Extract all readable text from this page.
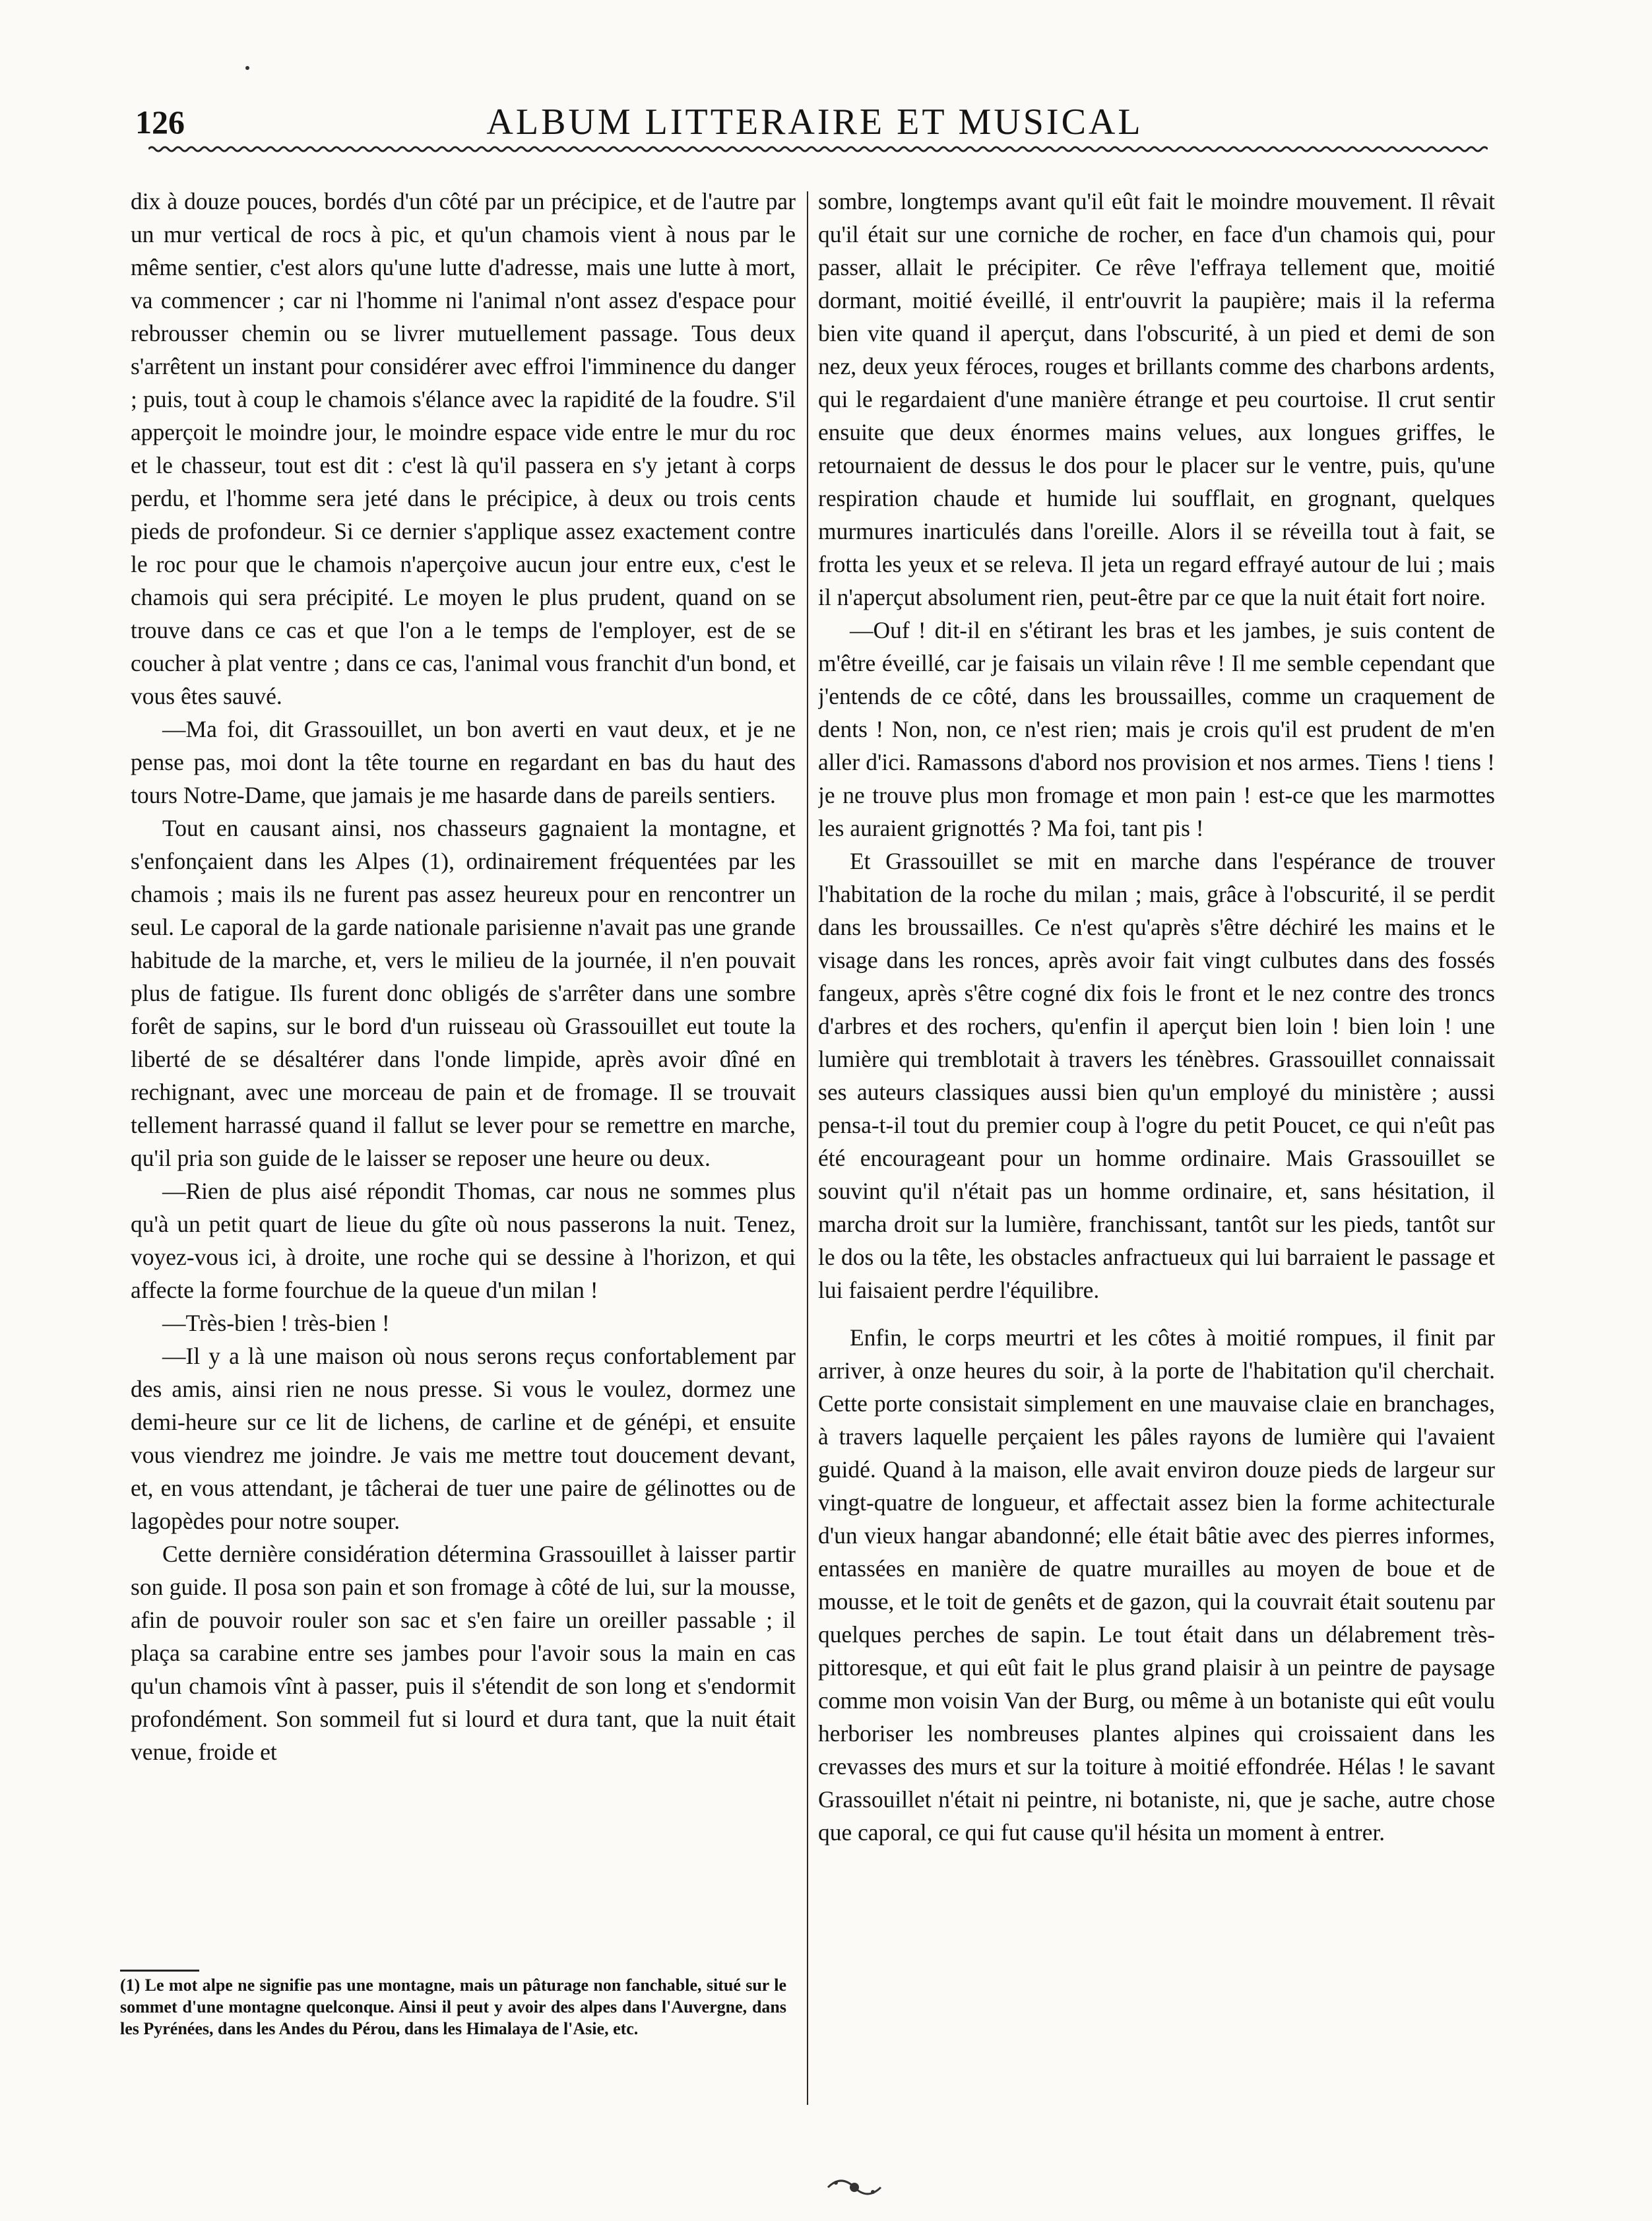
126	ALBUM LITTERAIRE ET MUSICAL

dix à douze pouces, bordés d'un côté par un précipice, et de l'autre par un mur vertical de rocs à pic, et qu'un chamois vient à nous par le même sentier, c'est alors qu'une lutte d'adresse, mais une lutte à mort, va commencer ; car ni l'homme ni l'animal n'ont assez d'espace pour rebrousser chemin ou se livrer mutuellement passage. Tous deux s'arrêtent un instant pour considérer avec effroi l'imminence du danger ; puis, tout à coup le chamois s'élance avec la rapidité de la foudre. S'il apperçoit le moindre jour, le moindre espace vide entre le mur du roc et le chasseur, tout est dit : c'est là qu'il passera en s'y jetant à corps perdu, et l'homme sera jeté dans le précipice, à deux ou trois cents pieds de profondeur. Si ce dernier s'applique assez exactement contre le roc pour que le chamois n'aperçoive aucun jour entre eux, c'est le chamois qui sera précipité. Le moyen le plus prudent, quand on se trouve dans ce cas et que l'on a le temps de l'employer, est de se coucher à plat ventre ; dans ce cas, l'animal vous franchit d'un bond, et vous êtes sauvé.

—Ma foi, dit Grassouillet, un bon averti en vaut deux, et je ne pense pas, moi dont la tête tourne en regardant en bas du haut des tours Notre-Dame, que jamais je me hasarde dans de pareils sentiers.

Tout en causant ainsi, nos chasseurs gagnaient la montagne, et s'enfonçaient dans les Alpes (1), ordinairement fréquentées par les chamois ; mais ils ne furent pas assez heureux pour en rencontrer un seul. Le caporal de la garde nationale parisienne n'avait pas une grande habitude de la marche, et, vers le milieu de la journée, il n'en pouvait plus de fatigue. Ils furent donc obligés de s'arrêter dans une sombre forêt de sapins, sur le bord d'un ruisseau où Grassouillet eut toute la liberté de se désaltérer dans l'onde limpide, après avoir dîné en rechignant, avec une morceau de pain et de fromage. Il se trouvait tellement harrassé quand il fallut se lever pour se remettre en marche, qu'il pria son guide de le laisser se reposer une heure ou deux.

—Rien de plus aisé répondit Thomas, car nous ne sommes plus qu'à un petit quart de lieue du gîte où nous passerons la nuit. Tenez, voyez-vous ici, à droite, une roche qui se dessine à l'horizon, et qui affecte la forme fourchue de la queue d'un milan !

—Très-bien ! très-bien !

—Il y a là une maison où nous serons reçus confortablement par des amis, ainsi rien ne nous presse. Si vous le voulez, dormez une demi-heure sur ce lit de lichens, de carline et de génépi, et ensuite vous viendrez me joindre. Je vais me mettre tout doucement devant, et, en vous attendant, je tâcherai de tuer une paire de gélinottes ou de lagopèdes pour notre souper.

Cette dernière considération détermina Grassouillet à laisser partir son guide. Il posa son pain et son fromage à côté de lui, sur la mousse, afin de pouvoir rouler son sac et s'en faire un oreiller passable ; il plaça sa carabine entre ses jambes pour l'avoir sous la main en cas qu'un chamois vînt à passer, puis il s'étendit de son long et s'endormit profondément. Son sommeil fut si lourd et dura tant, que la nuit était venue, froide et

sombre, longtemps avant qu'il eût fait le moindre mouvement. Il rêvait qu'il était sur une corniche de rocher, en face d'un chamois qui, pour passer, allait le précipiter. Ce rêve l'effraya tellement que, moitié dormant, moitié éveillé, il entr'ouvrit la paupière; mais il la referma bien vite quand il aperçut, dans l'obscurité, à un pied et demi de son nez, deux yeux féroces, rouges et brillants comme des charbons ardents, qui le regardaient d'une manière étrange et peu courtoise. Il crut sentir ensuite que deux énormes mains velues, aux longues griffes, le retournaient de dessus le dos pour le placer sur le ventre, puis, qu'une respiration chaude et humide lui soufflait, en grognant, quelques murmures inarticulés dans l'oreille. Alors il se réveilla tout à fait, se frotta les yeux et se releva. Il jeta un regard effrayé autour de lui ; mais il n'aperçut absolument rien, peut-être par ce que la nuit était fort noire.

—Ouf ! dit-il en s'étirant les bras et les jambes, je suis content de m'être éveillé, car je faisais un vilain rêve ! Il me semble cependant que j'entends de ce côté, dans les broussailles, comme un craquement de dents ! Non, non, ce n'est rien; mais je crois qu'il est prudent de m'en aller d'ici. Ramassons d'abord nos provision et nos armes. Tiens ! tiens ! je ne trouve plus mon fromage et mon pain ! est-ce que les marmottes les auraient grignottés ? Ma foi, tant pis !

Et Grassouillet se mit en marche dans l'espérance de trouver l'habitation de la roche du milan ; mais, grâce à l'obscurité, il se perdit dans les broussailles. Ce n'est qu'après s'être déchiré les mains et le visage dans les ronces, après avoir fait vingt culbutes dans des fossés fangeux, après s'être cogné dix fois le front et le nez contre des troncs d'arbres et des rochers, qu'enfin il aperçut bien loin ! bien loin ! une lumière qui tremblotait à travers les ténèbres. Grassouillet connaissait ses auteurs classiques aussi bien qu'un employé du ministère ; aussi pensa-t-il tout du premier coup à l'ogre du petit Poucet, ce qui n'eût pas été encourageant pour un homme ordinaire. Mais Grassouillet se souvint qu'il n'était pas un homme ordinaire, et, sans hésitation, il marcha droit sur la lumière, franchissant, tantôt sur les pieds, tantôt sur le dos ou la tête, les obstacles anfractueux qui lui barraient le passage et lui faisaient perdre l'équilibre.

Enfin, le corps meurtri et les côtes à moitié rompues, il finit par arriver, à onze heures du soir, à la porte de l'habitation qu'il cherchait. Cette porte consistait simplement en une mauvaise claie en branchages, à travers laquelle perçaient les pâles rayons de lumière qui l'avaient guidé. Quand à la maison, elle avait environ douze pieds de largeur sur vingt-quatre de longueur, et affectait assez bien la forme achitecturale d'un vieux hangar abandonné; elle était bâtie avec des pierres informes, entassées en manière de quatre murailles au moyen de boue et de mousse, et le toit de genêts et de gazon, qui la couvrait était soutenu par quelques perches de sapin. Le tout était dans un délabrement très-pittoresque, et qui eût fait le plus grand plaisir à un peintre de paysage comme mon voisin Van der Burg, ou même à un botaniste qui eût voulu herboriser les nombreuses plantes alpines qui croissaient dans les crevasses des murs et sur la toiture à moitié effondrée. Hélas ! le savant Grassouillet n'était ni peintre, ni botaniste, ni, que je sache, autre chose que caporal, ce qui fut cause qu'il hésita un moment à entrer.

(1) Le mot alpe ne signifie pas une montagne, mais un pâturage non fanchable, situé sur le sommet d'une montagne quelconque. Ainsi il peut y avoir des alpes dans l'Auvergne, dans les Pyrénées, dans les Andes du Pérou, dans les Himalaya de l'Asie, etc.
